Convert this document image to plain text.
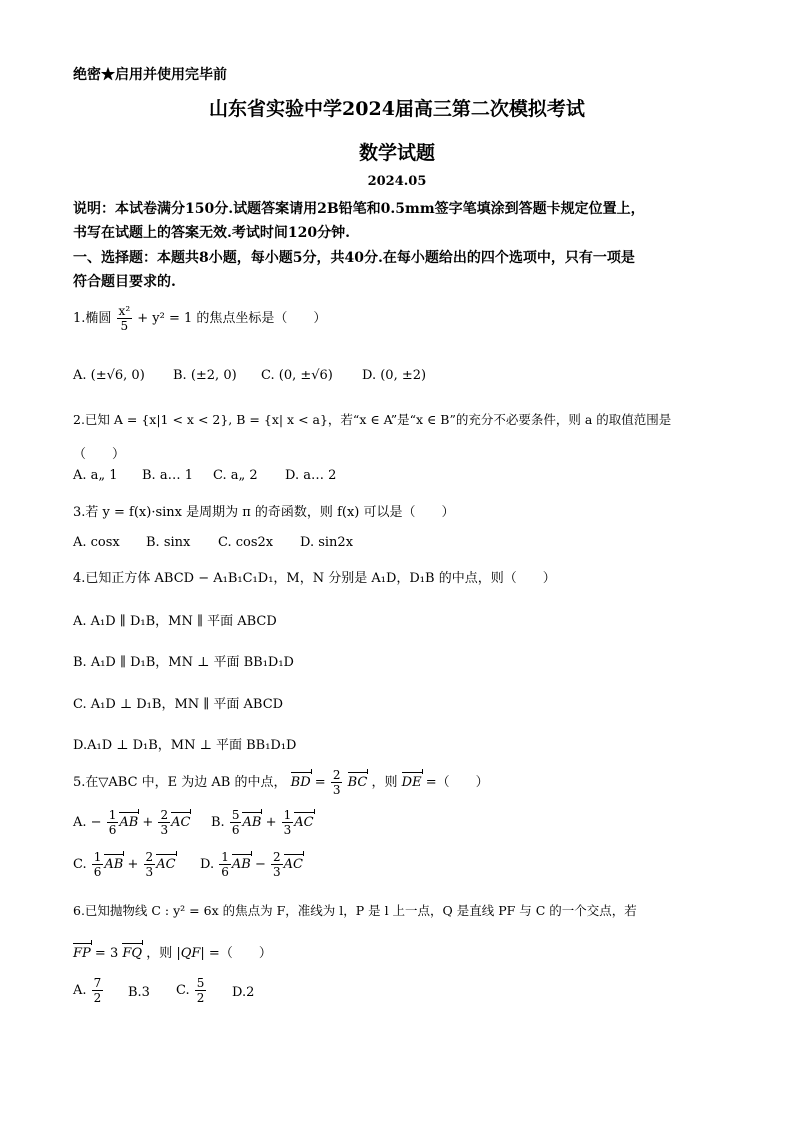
绝密★启用并使用完毕前
山东省实验中学2024届高三第二次模拟考试
数学试题
2024.05
说明：本试卷满分150分.试题答案请用2B铅笔和0.5mm签字笔填涂到答题卡规定位置上，
书写在试题上的答案无效.考试时间120分钟.
一、选择题：本题共8小题，每小题5分，共40分.在每小题给出的四个选项中，只有一项是
符合题目要求的.
1.椭圆 $\frac{\text{x²}}{5} + y^2 = 1$ 的焦点坐标是（　　）
A. (±√6, 0) B. (±2, 0) C. (0, ±√6) D. (0, ±2)
2.已知 A = {x|1 < x < 2}, B = {x| x < a}，若“x ∈ A”是“x ∈ B”的充分不必要条件，则 a 的取值范围是
（　　）
A. a„ 1 B. a… 1 C. a„ 2 D. a… 2
3.若 y = f(x)·sinx 是周期为 π 的奇函数，则 f(x) 可以是（　　）
A. cosx B. sinx C. cos2x D. sin2x
4.已知正方体 ABCD − A₁B₁C₁D₁，M，N 分别是 A₁D，D₁B 的中点，则（　　）
A. A₁D ∥ D₁B，MN ∥ 平面 ABCD
B. A₁D ∥ D₁B，MN ⊥ 平面 BB₁D₁D
C. A₁D ⊥ D₁B，MN ∥ 平面 ABCD
D.A₁D ⊥ D₁B，MN ⊥ 平面 BB₁D₁D
5.在▽ABC 中，E 为边 AB 的中点， BD = $\frac{2}{3}$ BC ，则 DE =（　　）
A. − $\frac{1}{6}$ AB + $\frac{2}{3}$ AC B. $\frac{5}{6}$ AB + $\frac{1}{3}$ AC
C. $\frac{1}{6}$ AB + $\frac{2}{3}$ AC D. $\frac{1}{6}$ AB − $\frac{2}{3}$ AC
6.已知抛物线 C : y² = 6x 的焦点为 F，准线为 l，P 是 l 上一点，Q 是直线 PF 与 C 的一个交点，若
FP = 3 FQ ，则 |QF| =（　　）
A. $\frac{7}{2} B.3$ C. $\frac{5}{2} D.2$
